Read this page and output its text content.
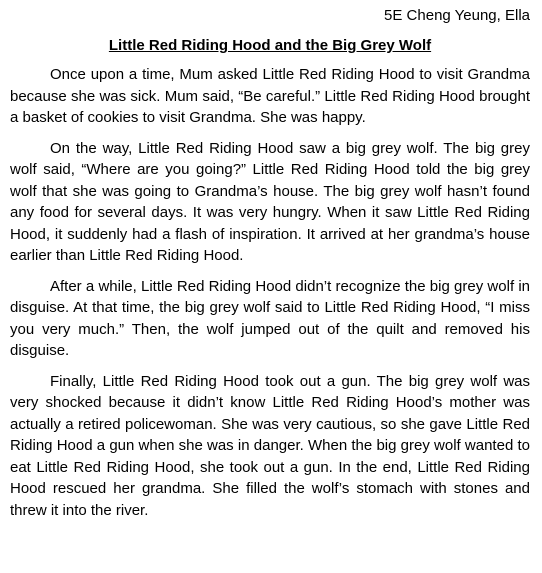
5E Cheng Yeung, Ella
Little Red Riding Hood and the Big Grey Wolf

Once upon a time, Mum asked Little Red Riding Hood to visit Grandma because she was sick. Mum said, “Be careful.” Little Red Riding Hood brought a basket of cookies to visit Grandma. She was happy.

On the way, Little Red Riding Hood saw a big grey wolf. The big grey wolf said, “Where are you going?” Little Red Riding Hood told the big grey wolf that she was going to Grandma’s house. The big grey wolf hasn’t found any food for several days. It was very hungry. When it saw Little Red Riding Hood, it suddenly had a flash of inspiration. It arrived at her grandma’s house earlier than Little Red Riding Hood.

After a while, Little Red Riding Hood didn’t recognize the big grey wolf in disguise. At that time, the big grey wolf said to Little Red Riding Hood, “I miss you very much.” Then, the wolf jumped out of the quilt and removed his disguise.

Finally, Little Red Riding Hood took out a gun. The big grey wolf was very shocked because it didn’t know Little Red Riding Hood’s mother was actually a retired policewoman. She was very cautious, so she gave Little Red Riding Hood a gun when she was in danger. When the big grey wolf wanted to eat Little Red Riding Hood, she took out a gun. In the end, Little Red Riding Hood rescued her grandma. She filled the wolf’s stomach with stones and threw it into the river.
